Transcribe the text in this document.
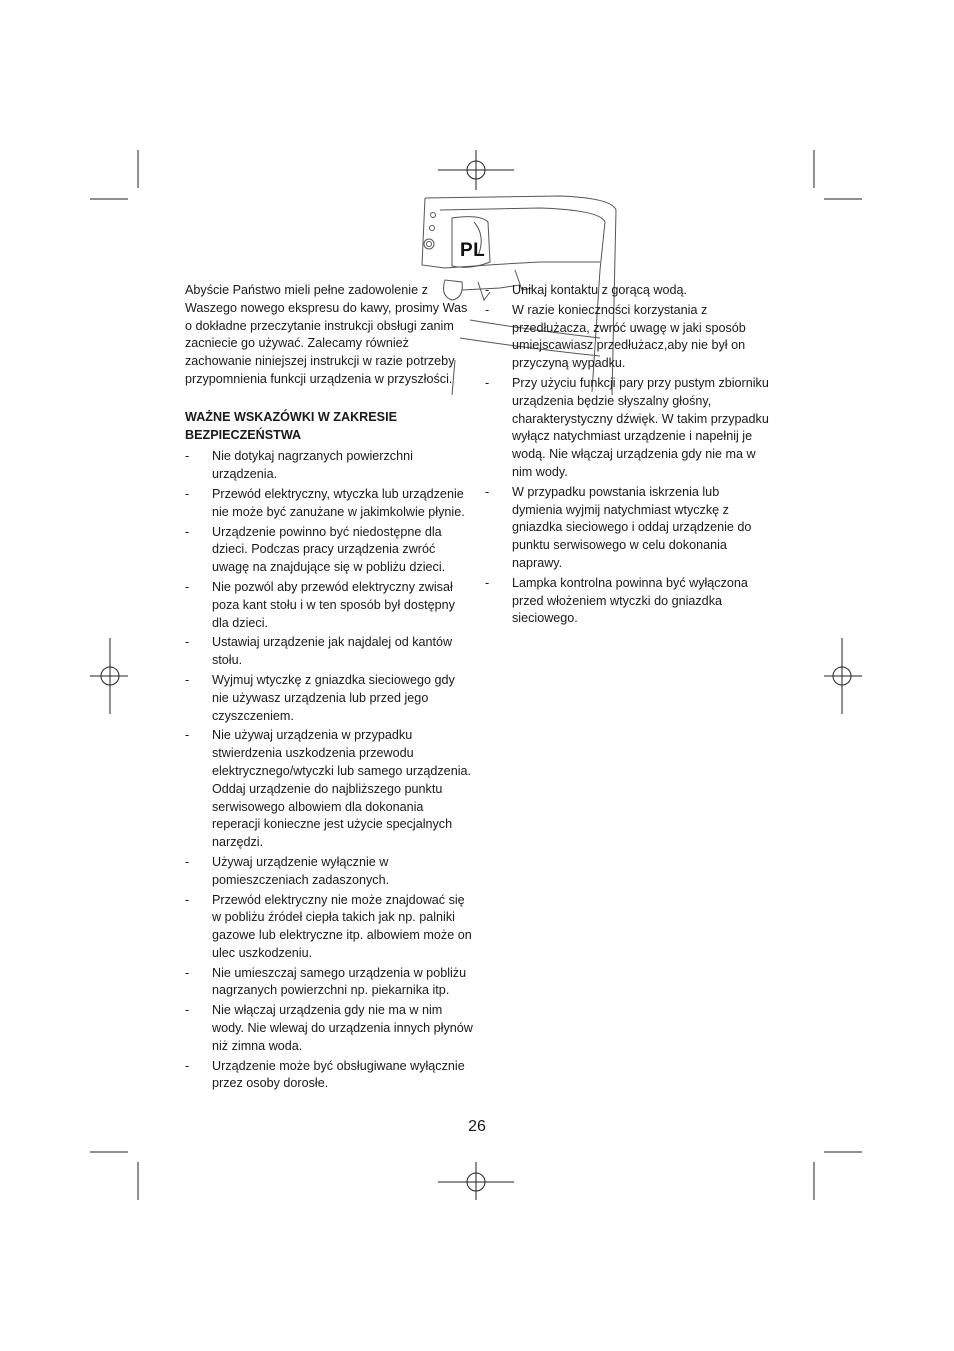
PL

Abyście Państwo mieli pełne zadowolenie z Waszego nowego ekspresu do kawy, prosimy Was o dokładne przeczytanie instrukcji obsługi zanim zacniecie go używać. Zalecamy również zachowanie niniejszej instrukcji w razie potrzeby przypomnienia funkcji urządzenia w przyszłości.

WAŻNE WSKAZÓWKI W ZAKRESIE BEZPIECZEŃSTWA

- Nie dotykaj nagrzanych powierzchni urządzenia.
- Przewód elektryczny, wtyczka lub urządzenie nie może być zanużane w jakimkolwie płynie.
- Urządzenie powinno być niedostępne dla dzieci. Podczas pracy urządzenia zwróć uwagę na znajdujące się w pobliżu dzieci.
- Nie pozwól aby przewód elektryczny zwisał poza kant stołu i w ten sposób był dostępny dla dzieci.
- Ustawiaj urządzenie jak najdalej od kantów stołu.
- Wyjmuj wtyczkę z gniazdka sieciowego gdy nie używasz urządzenia lub przed jego czyszczeniem.
- Nie używaj urządzenia w przypadku stwierdzenia uszkodzenia przewodu elektrycznego/wtyczki lub samego urządzenia. Oddaj urządzenie do najbliższego punktu serwisowego albowiem dla dokonania reperacji konieczne jest użycie specjalnych narzędzi.
- Używaj urządzenie wyłącznie w pomieszczeniach zadaszonych.
- Przewód elektryczny nie może znajdować się w pobliżu źródeł ciepła takich jak np. palniki gazowe lub elektryczne itp. albowiem może on ulec uszkodzeniu.
- Nie umieszczaj samego urządzenia w pobliżu nagrzanych powierzchni np. piekarnika itp.
- Nie włączaj urządzenia gdy nie ma w nim wody. Nie wlewaj do urządzenia innych płynów niż zimna woda.
- Urządzenie może być obsługiwane wyłącznie przez osoby dorosłe.
- Unikaj kontaktu z gorącą wodą.
- W razie konieczności korzystania z przedłużacza, zwróć uwagę w jaki sposób umiejscawiasz przedłużacz,aby nie był on przyczyną wypadku.
- Przy użyciu funkcji pary przy pustym zbiorniku urządzenia będzie słyszalny głośny, charakterystyczny dźwięk. W takim przypadku wyłącz natychmiast urządzenie i napełnij je wodą. Nie włączaj urządzenia gdy nie ma w nim wody.
- W przypadku powstania iskrzenia lub dymienia wyjmij natychmiast wtyczkę z gniazdka sieciowego i oddaj urządzenie do punktu serwisowego w celu dokonania naprawy.
- Lampka kontrolna powinna być wyłączona przed włożeniem wtyczki do gniazdka sieciowego.
26
